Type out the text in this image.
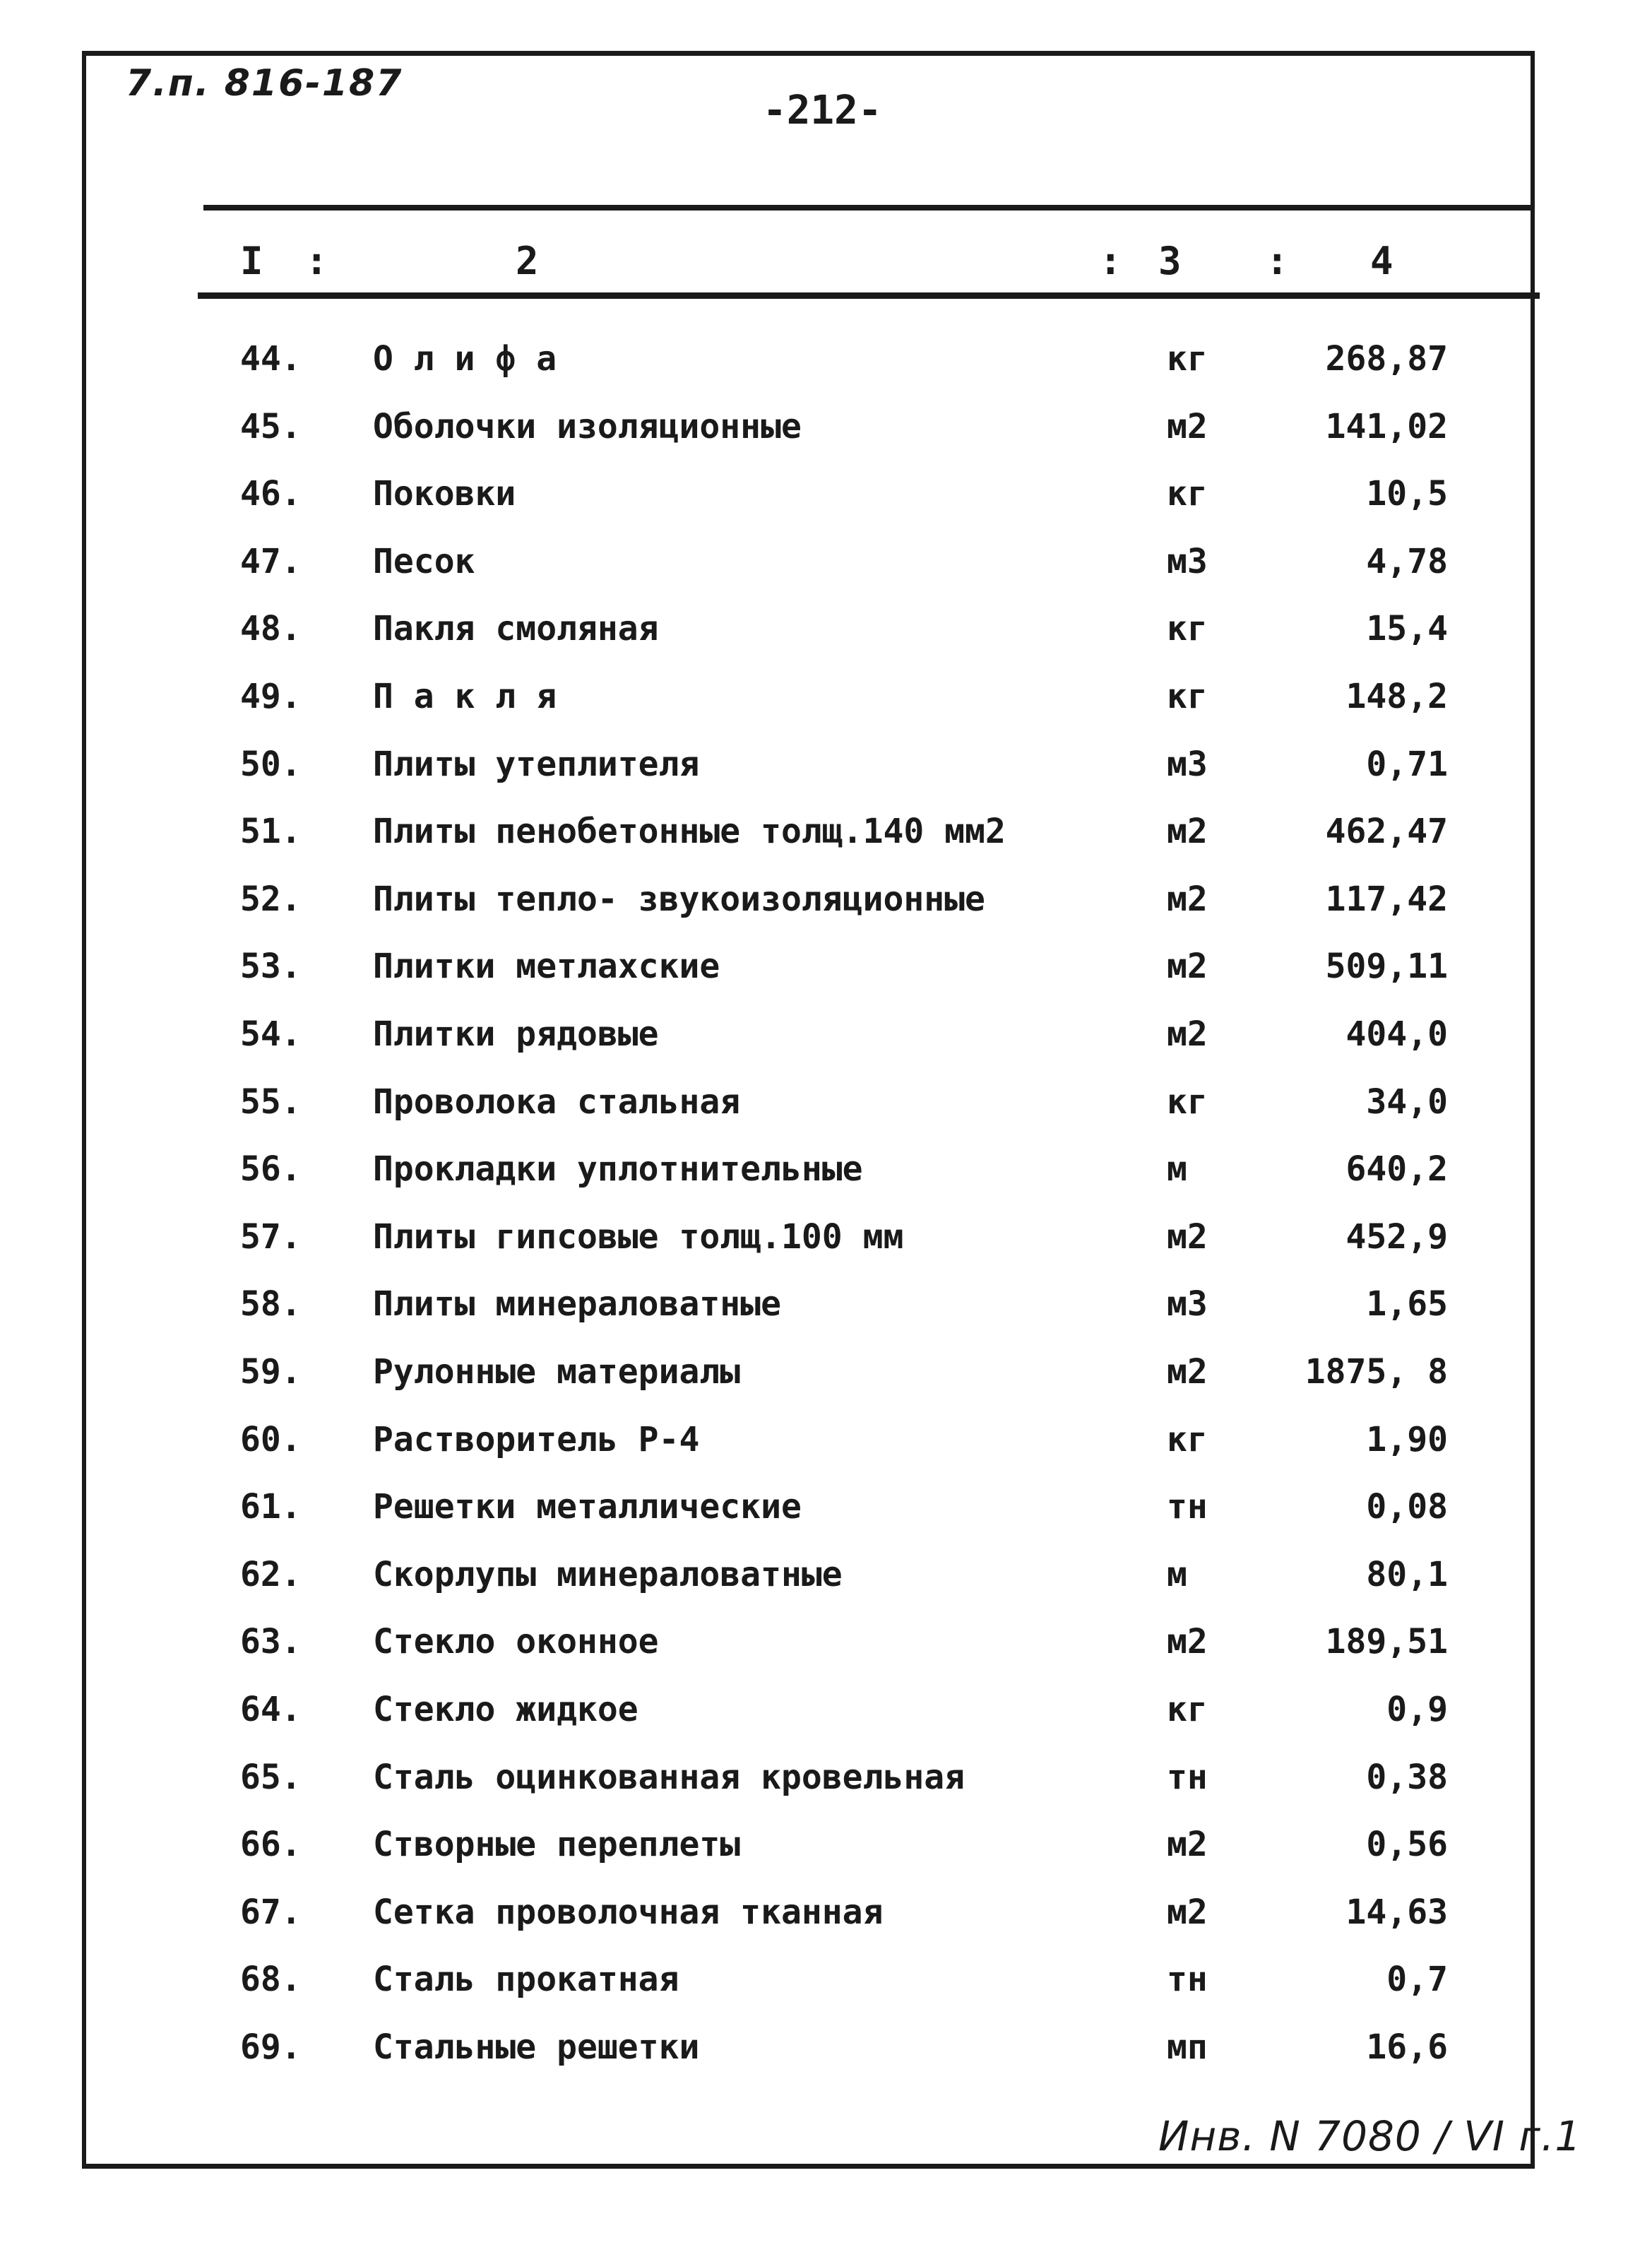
7.п. 816-187
-212-
I :	2	: 3 : 4
44. О л и ф а	кг	268,87
45. Оболочки изоляционные	м2	141,02
46. Поковки	кг	10,5
47. Песок	м3	4,78
48. Пакля смоляная	кг	15,4
49. П а к л я	кг	148,2
50. Плиты утеплителя	м3	0,71
51. Плиты пенобетонные толщ.140 мм2	м2	462,47
52. Плиты тепло- звукоизоляционные	м2	117,42
53. Плитки метлахские	м2	509,11
54. Плитки рядовые	м2	404,0
55. Проволока стальная	кг	34,0
56. Прокладки уплотнительные	м	640,2
57. Плиты гипсовые толщ.100 мм	м2	452,9
58. Плиты минераловатные	м3	1,65
59. Рулонные материалы	м2	1875, 8
60. Растворитель Р-4	кг	1,90
61. Решетки металлические	тн	0,08
62. Скорлупы минераловатные	м	80,1
63. Стекло оконное	м2	189,51
64. Стекло жидкое	кг	0,9
65. Сталь оцинкованная кровельная	тн	0,38
66. Створные переплеты	м2	0,56
67. Сетка проволочная тканная	м2	14,63
68. Сталь прокатная	тн	0,7
69. Стальные решетки	мп	16,6
Инв. N 7080 / VI г.1
